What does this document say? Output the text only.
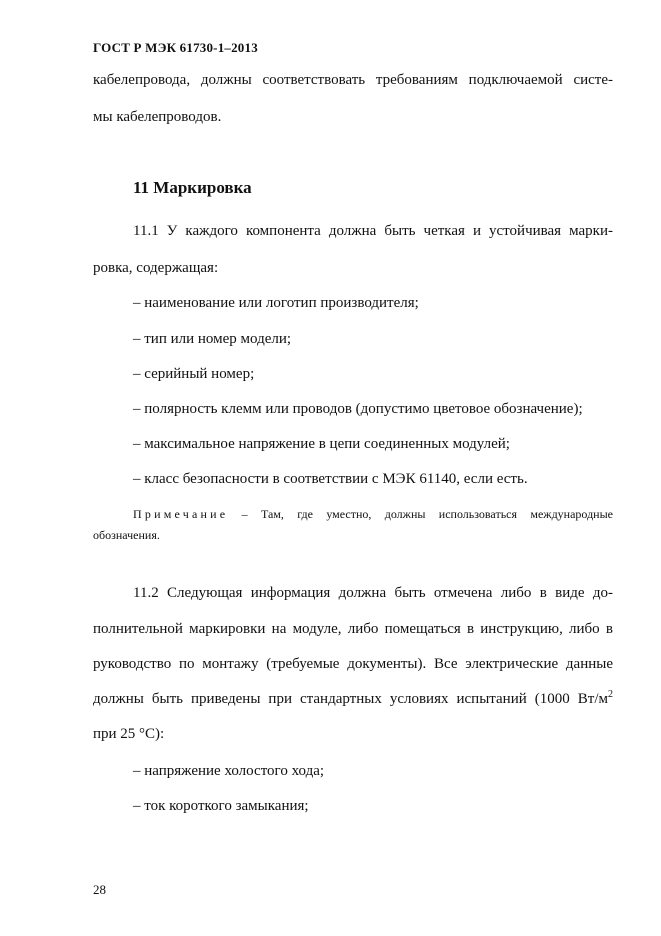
ГОСТ Р МЭК 61730-1–2013
кабелепровода, должны соответствовать требованиям подключаемой систе-
мы кабелепроводов.
11 Маркировка
11.1 У каждого компонента должна быть четкая и устойчивая марки-
ровка, содержащая:
– наименование или логотип производителя;
– тип или номер модели;
– серийный номер;
– полярность клемм или проводов (допустимо цветовое обозначение);
– максимальное напряжение в цепи соединенных модулей;
– класс безопасности в соответствии с МЭК 61140, если есть.
Примечание – Там, где уместно, должны использоваться международные
обозначения.
11.2 Следующая информация должна быть отмечена либо в виде до-
полнительной маркировки на модуле, либо помещаться в инструкцию, либо в
руководство по монтажу (требуемые документы). Все электрические данные
должны быть приведены при стандартных условиях испытаний (1000 $Вт/м^2$
при 25 °С):
– напряжение холостого хода;
– ток короткого замыкания;
28
